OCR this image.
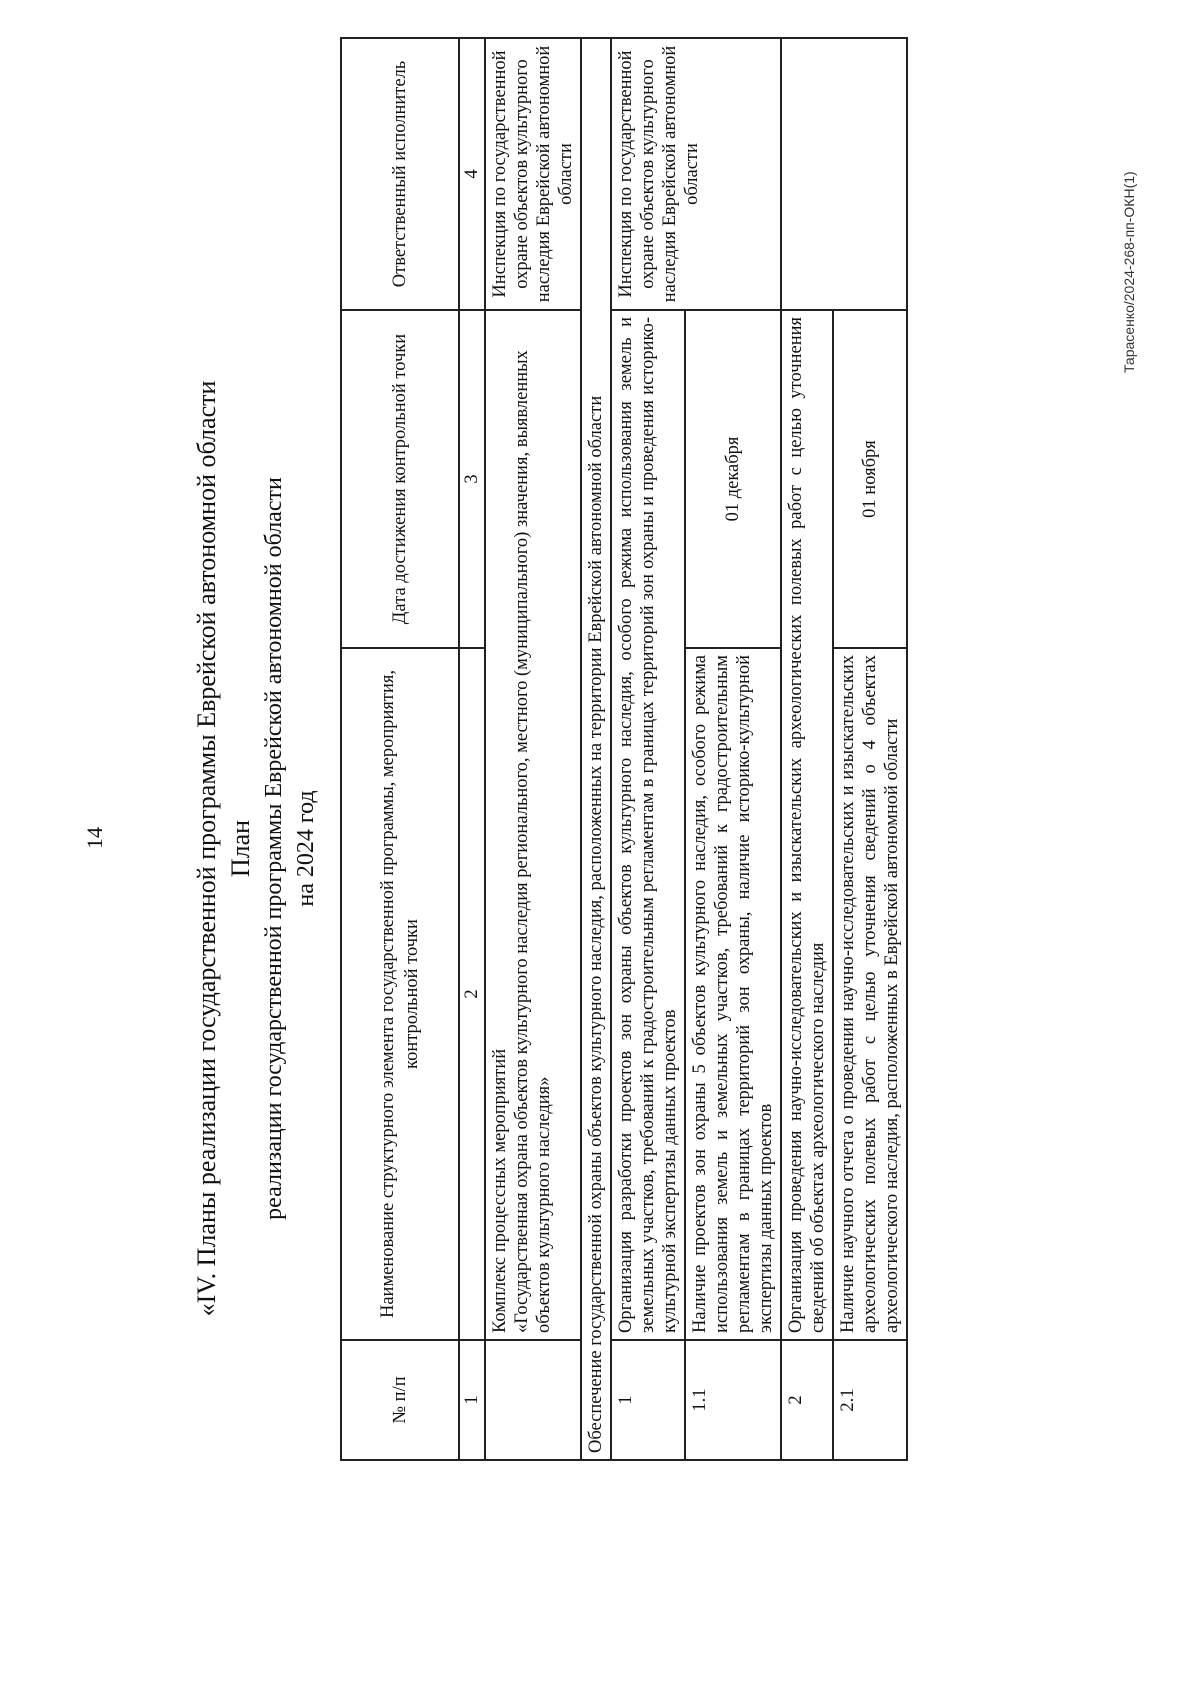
14	«IV. Планы реализации государственной программы Еврейской автономной области План реализации государственной программы Еврейской автономной области на 2024 год
№ п/п	Наименование структурного элемента государственной программы, мероприятия, контрольной точки	Дата достижения контрольной точки	Ответственный исполнитель
1	2	3	4

	Комплекс процессных мероприятий «Государственная охрана объектов культурного наследия регионального, местного (муниципального) значения, выявленных объектов культурного наследия»		Инспекция по государственной охране объектов культурного наследия Еврейской автономной области
Обеспечение государственной охраны объектов культурного наследия, расположенных на территории Еврейской автономной области			
1	Организация разработки проектов зон охраны объектов культурного наследия, особого режима использования земель и земельных участков, требований к градостроительным регламентам в границах территорий зон охраны и проведения историко-культурной экспертизы данных проектов		Инспекция по государственной охране объектов культурного наследия Еврейской автономной области
1.1	Наличие проектов зон охраны 5 объектов культурного наследия, особого режима использования земель и земельных участков, требований к градостроительным регламентам в границах территорий зон охраны, наличие историко-культурной экспертизы данных проектов	01 декабря	
2	Организация проведения научно-исследовательских и изыскательских археологических полевых работ с целью уточнения сведений об объектах археологического наследия		
2.1	Наличие научного отчета о проведении научно-исследовательских и изыскательских археологических полевых работ с целью уточнения сведений о 4 объектах археологического наследия, расположенных в Еврейской автономной области	01 ноября	
Тарасенко/2024-268-пп-ОКН(1)
